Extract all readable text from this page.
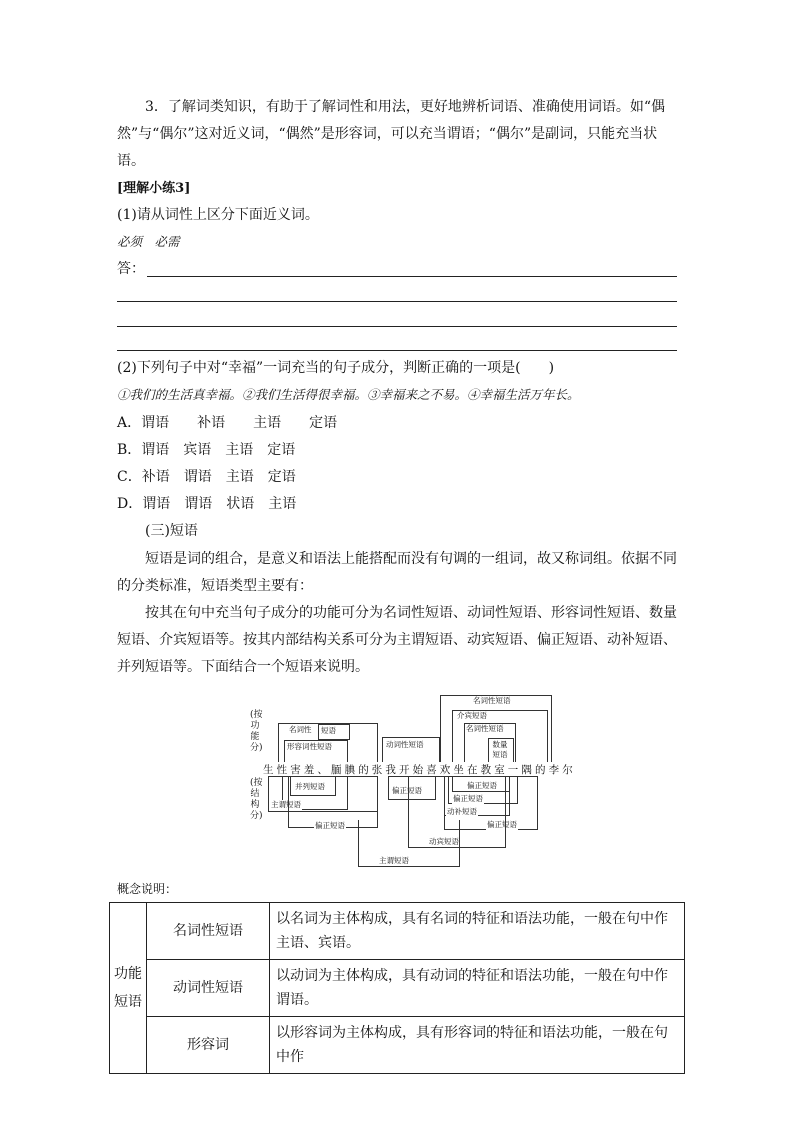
3．了解词类知识，有助于了解词性和用法，更好地辨析词语、准确使用词语。如“偶然”与“偶尔”这对近义词，“偶然”是形容词，可以充当谓语；“偶尔”是副词，只能充当状语。

[理解小练3]
(1)请从词性上区分下面近义词。
必须　必需
答：
(2)下列句子中对“幸福”一词充当的句子成分，判断正确的一项是(　　)
①我们的生活真幸福。②我们生活得很幸福。③幸福来之不易。④幸福生活万年长。
A．谓语　　补语　　主语　　定语
B．谓语　宾语　主语　定语
C．补语　谓语　主语　定语
D．谓语　谓语　状语　主语
(三)短语

短语是词的组合，是意义和语法上能搭配而没有句调的一组词，故又称词组。依据不同的分类标准，短语类型主要有：

按其在句中充当句子成分的功能可分为名词性短语、动词性短语、形容词性短语、数量短语、介宾短语等。按其内部结构关系可分为主谓短语、动宾短语、偏正短语、动补短语、并列短语等。下面结合一个短语来说明。

(按功能分)
(按结构分)
名词性 短语
形容词性短语	动词性短语
名词性短语
介宾短语
名词性短语
数量短语
生性害羞、腼腆的张我开始喜欢坐在教室一隅的李尔
并列短语
主谓短语
偏正短语
偏正短语
偏正短语
偏正短语
动补短语
偏正短语
动宾短语
主谓短语
概念说明：
功能短语	名词性短语	以名词为主体构成，具有名词的特征和语法功能，一般在句中作主语、宾语。
	动词性短语	以动词为主体构成，具有动词的特征和语法功能，一般在句中作谓语。
	形容词	以形容词为主体构成，具有形容词的特征和语法功能，一般在句中作
